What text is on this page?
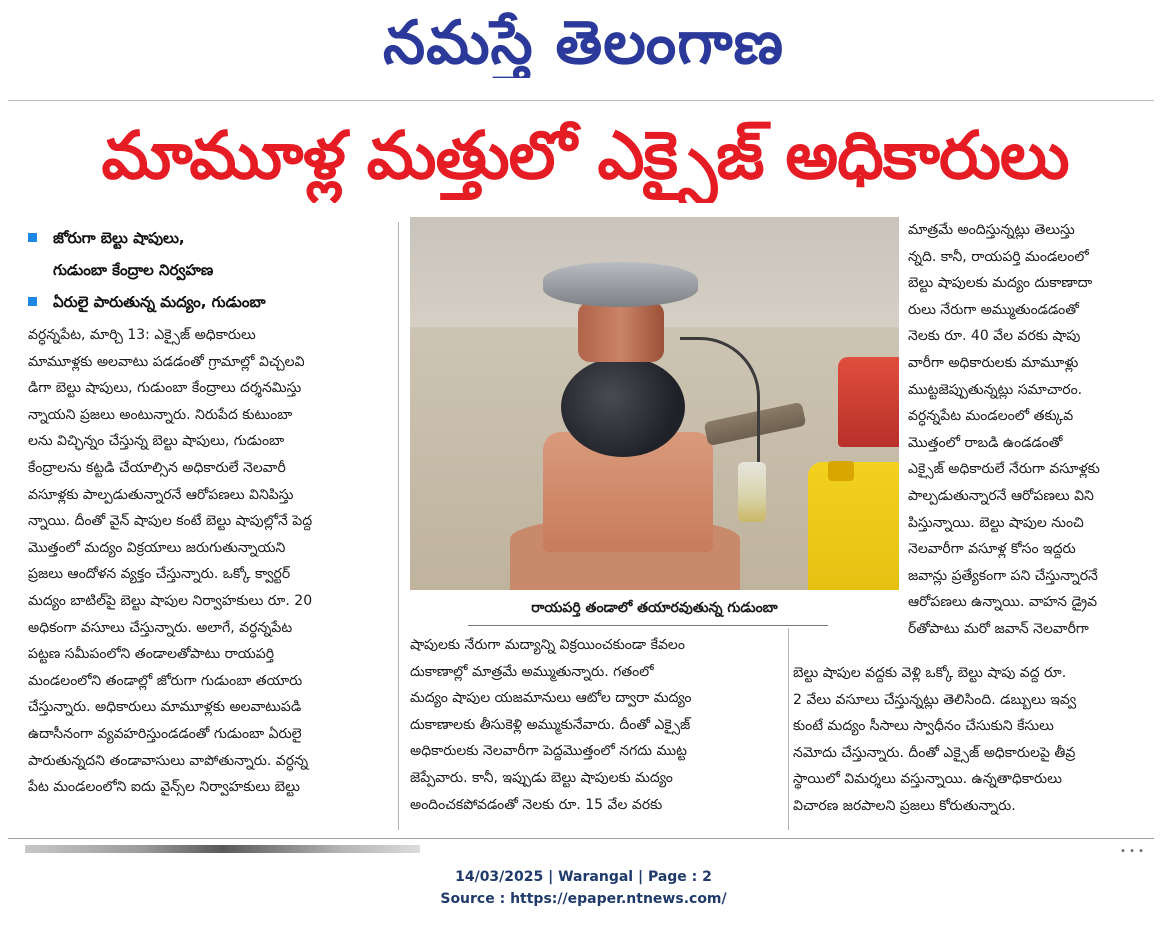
నమస్తే తెలంగాణ
మామూళ్ల మత్తులో ఎక్సైజ్ అధికారులు
జోరుగా బెల్టు షాపులు,
గుడుంబా కేంద్రాల నిర్వహణ
ఏరులై పారుతున్న మద్యం, గుడుంబా
వర్ధన్నపేట, మార్చి 13: ఎక్సైజ్ అధికారులు
మామూళ్లకు అలవాటు పడడంతో గ్రామాల్లో విచ్చలవి
డిగా బెల్టు షాపులు, గుడుంబా కేంద్రాలు దర్శనమిస్తు
న్నాయని ప్రజలు అంటున్నారు. నిరుపేద కుటుంబా
లను విచ్ఛిన్నం చేస్తున్న బెల్టు షాపులు, గుడుంబా
కేంద్రాలను కట్టడి చేయాల్సిన అధికారులే నెలవారీ
వసూళ్లకు పాల్పడుతున్నారనే ఆరోపణలు వినిపిస్తు
న్నాయి. దీంతో వైన్ షాపుల కంటే బెల్టు షాపుల్లోనే పెద్ద
మొత్తంలో మద్యం విక్రయాలు జరుగుతున్నాయని
ప్రజలు ఆందోళన వ్యక్తం చేస్తున్నారు. ఒక్కో క్వార్టర్
మద్యం బాటిల్‌పై బెల్టు షాపుల నిర్వాహకులు రూ. 20
అధికంగా వసూలు చేస్తున్నారు. అలాగే, వర్ధన్నపేట
పట్టణ సమీపంలోని తండాలతోపాటు రాయపర్తి
మండలంలోని తండాల్లో జోరుగా గుడుంబా తయారు
చేస్తున్నారు. అధికారులు మామూళ్లకు అలవాటుపడి
ఉదాసీనంగా వ్యవహరిస్తుండడంతో గుడుంబా ఏరులై
పారుతున్నదని తండావాసులు వాపోతున్నారు. వర్ధన్న
పేట మండలంలోని ఐదు వైన్స్‌ల నిర్వాహకులు బెల్టు
రాయపర్తి తండాలో తయారవుతున్న గుడుంబా
షాపులకు నేరుగా మద్యాన్ని విక్రయించకుండా కేవలం
దుకాణాల్లో మాత్రమే అమ్ముతున్నారు. గతంలో
మద్యం షాపుల యజమానులు ఆటోల ద్వారా మద్యం
దుకాణాలకు తీసుకెళ్లి అమ్ముకునేవారు. దీంతో ఎక్సైజ్
అధికారులకు నెలవారీగా పెద్దమొత్తంలో నగదు ముట్ట
జెప్పేవారు. కానీ, ఇప్పుడు బెల్టు షాపులకు మద్యం
అందించకపోవడంతో నెలకు రూ. 15 వేల వరకు
మాత్రమే అందిస్తున్నట్లు తెలుస్తు
న్నది. కానీ, రాయపర్తి మండలంలో
బెల్టు షాపులకు మద్యం దుకాణాదా
రులు నేరుగా అమ్ముతుండడంతో
నెలకు రూ. 40 వేల వరకు షాపు
వారీగా అధికారులకు మామూళ్లు
ముట్టజెప్పుతున్నట్లు సమాచారం.
వర్ధన్నపేట మండలంలో తక్కువ
మొత్తంలో రాబడి ఉండడంతో
ఎక్సైజ్ అధికారులే నేరుగా వసూళ్లకు
పాల్పడుతున్నారనే ఆరోపణలు విని
పిస్తున్నాయి. బెల్టు షాపుల నుంచి
నెలవారీగా వసూళ్ల కోసం ఇద్దరు
జవాన్లు ప్రత్యేకంగా పని చేస్తున్నారనే
ఆరోపణలు ఉన్నాయి. వాహన డ్రైవ
ర్‌తోపాటు మరో జవాన్ నెలవారీగా
బెల్టు షాపుల వద్దకు వెళ్లి ఒక్కో బెల్టు షాపు వద్ద రూ.
2 వేలు వసూలు చేస్తున్నట్లు తెలిసింది. డబ్బులు ఇవ్వ
కుంటే మద్యం సీసాలు స్వాధీనం చేసుకుని కేసులు
నమోదు చేస్తున్నారు. దీంతో ఎక్సైజ్ అధికారులపై తీవ్ర
స్థాయిలో విమర్శలు వస్తున్నాయి. ఉన్నతాధికారులు
విచారణ జరపాలని ప్రజలు కోరుతున్నారు.
• • •
14/03/2025 | Warangal | Page : 2
Source : https://epaper.ntnews.com/
